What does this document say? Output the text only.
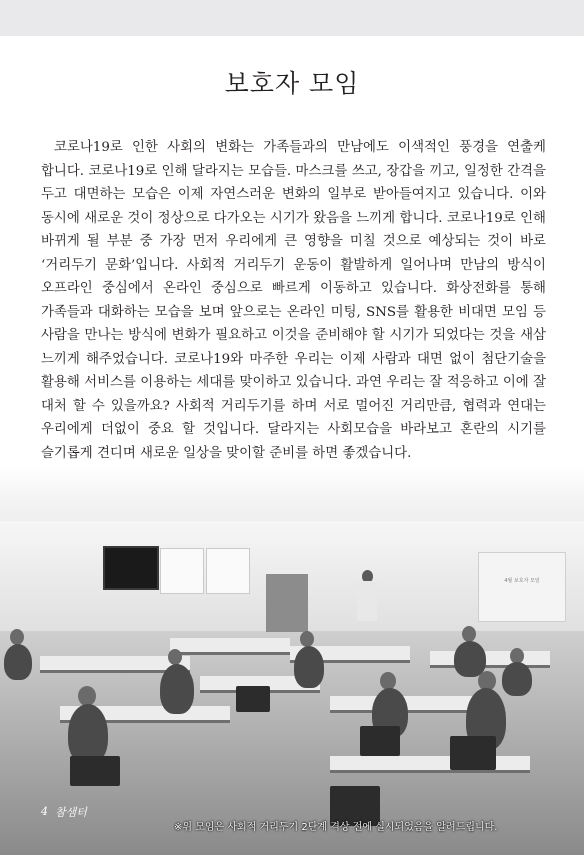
보호자 모임

코로나19로 인한 사회의 변화는 가족들과의 만남에도 이색적인 풍경을 연출케 합니다. 코로나19로 인해 달라지는 모습들. 마스크를 쓰고, 장갑을 끼고, 일정한 간격을 두고 대면하는 모습은 이제 자연스러운 변화의 일부로 받아들여지고 있습니다. 이와 동시에 새로운 것이 정상으로 다가오는 시기가 왔음을 느끼게 합니다. 코로나19로 인해 바뀌게 될 부분 중 가장 먼저 우리에게 큰 영향을 미칠 것으로 예상되는 것이 바로 ‘거리두기 문화’입니다. 사회적 거리두기 운동이 활발하게 일어나며 만남의 방식이 오프라인 중심에서 온라인 중심으로 빠르게 이동하고 있습니다. 화상전화를 통해 가족들과 대화하는 모습을 보며 앞으로는 온라인 미팅, SNS를 활용한 비대면 모임 등 사람을 만나는 방식에 변화가 필요하고 이것을 준비해야 할 시기가 되었다는 것을 새삼 느끼게 해주었습니다. 코로나19와 마주한 우리는 이제 사람과 대면 없이 첨단기술을 활용해 서비스를 이용하는 세대를 맞이하고 있습니다. 과연 우리는 잘 적응하고 이에 잘 대처 할 수 있을까요? 사회적 거리두기를 하며 서로 멀어진 거리만큼, 협력과 연대는 우리에게 더없이 중요 할 것입니다. 달라지는 사회모습을 바라보고 혼란의 시기를 슬기롭게 견디며 새로운 일상을 맞이할 준비를 하면 좋겠습니다.

4월 보호자 모임
4 참샘터
※위 모임은 사회적 거리두기 2단계 격상 전에 실시되었음을 알려드립니다.
